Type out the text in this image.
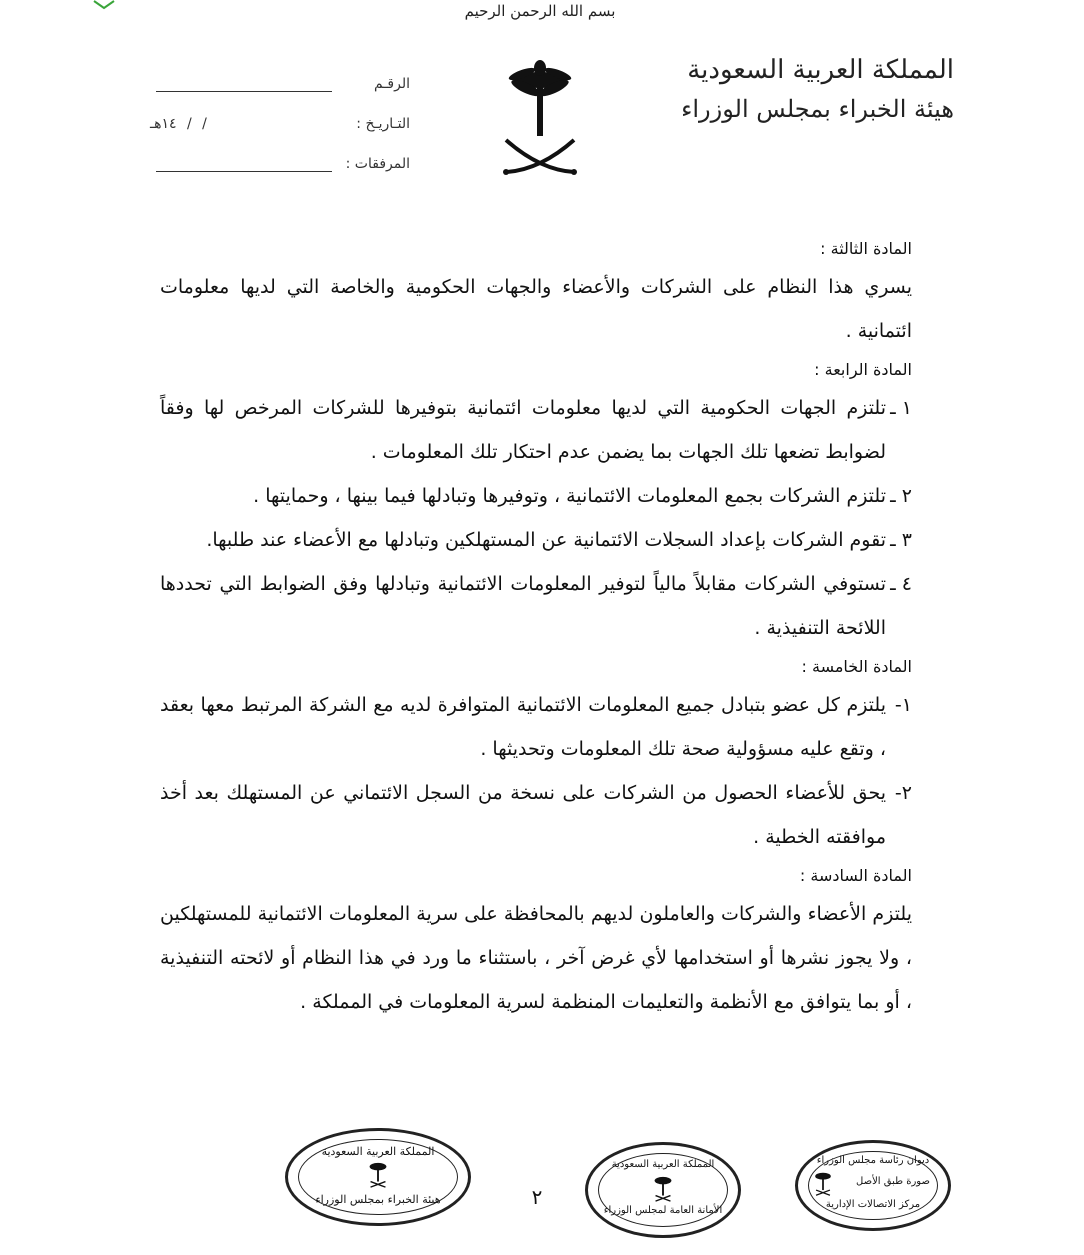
بسم الله الرحمن الرحيم
الرقـم
التـاريـخ :
/ / ١٤هـ
المرفقات :
المملكة العربية السعودية
هيئة الخبراء بمجلس الوزراء

المادة الثالثة :

يسري هذا النظام على الشركات والأعضاء والجهات الحكومية والخاصة التي لديها معلومات ائتمانية .

المادة الرابعة :

١ ـ
تلتزم الجهات الحكومية التي لديها معلومات ائتمانية بتوفيرها للشركات المرخص لها وفقاً لضوابط تضعها تلك الجهات بما يضمن عدم احتكار تلك المعلومات .
٢ ـ
تلتزم الشركات بجمع المعلومات الائتمانية ، وتوفيرها وتبادلها فيما بينها ، وحمايتها .
٣ ـ
تقوم الشركات بإعداد السجلات الائتمانية عن المستهلكين وتبادلها مع الأعضاء عند طلبها.
٤ ـ
تستوفي الشركات مقابلاً مالياً لتوفير المعلومات الائتمانية وتبادلها وفق الضوابط التي تحددها اللائحة التنفيذية .

المادة الخامسة :

١-
يلتزم كل عضو بتبادل جميع المعلومات الائتمانية المتوافرة لديه مع الشركة المرتبط معها بعقد ، وتقع عليه مسؤولية صحة تلك المعلومات وتحديثها .
٢-
يحق للأعضاء الحصول من الشركات على نسخة من السجل الائتماني عن المستهلك بعد أخذ موافقته الخطية .

المادة السادسة :

يلتزم الأعضاء والشركات والعاملون لديهم بالمحافظة على سرية المعلومات الائتمانية للمستهلكين ، ولا يجوز نشرها أو استخدامها لأي غرض آخر ، باستثناء ما ورد في هذا النظام أو لائحته التنفيذية ، أو بما يتوافق مع الأنظمة والتعليمات المنظمة لسرية المعلومات في المملكة .

المملكة العربية السعودية
هيئة الخبراء بمجلس الوزراء
المملكة العربية السعودية
الأمانة العامة لمجلس الوزراء
ديوان رئاسة مجلس الوزراء
صورة طبق الأصل
مركز الاتصالات الإدارية
٢
